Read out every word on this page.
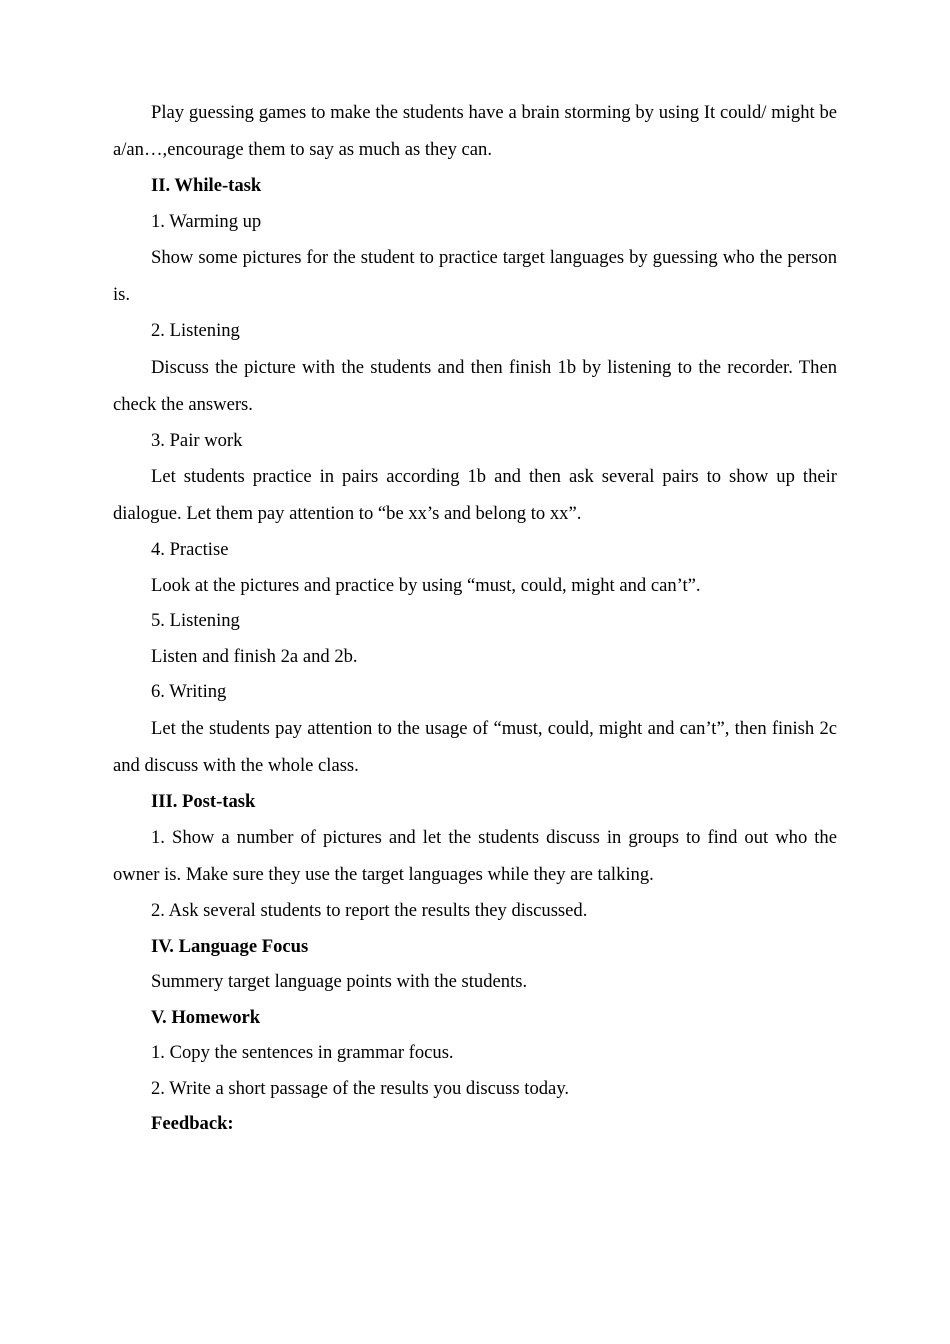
Play guessing games to make the students have a brain storming by using It could/ might be a/an…,encourage them to say as much as they can.

II. While-task

1. Warming up

Show some pictures for the student to practice target languages by guessing who the person is.

2. Listening

Discuss the picture with the students and then finish 1b by listening to the recorder. Then check the answers.

3. Pair work

Let students practice in pairs according 1b and then ask several pairs to show up their dialogue. Let them pay attention to “be xx’s and belong to xx”.

4. Practise

Look at the pictures and practice by using “must, could, might and can’t”.

5. Listening

Listen and finish 2a and 2b.

6. Writing

Let the students pay attention to the usage of “must, could, might and can’t”, then finish 2c and discuss with the whole class.

III. Post-task

1. Show a number of pictures and let the students discuss in groups to find out who the owner is. Make sure they use the target languages while they are talking.

2. Ask several students to report the results they discussed.

IV. Language Focus

Summery target language points with the students.

V. Homework

1. Copy the sentences in grammar focus.

2. Write a short passage of the results you discuss today.

Feedback:
